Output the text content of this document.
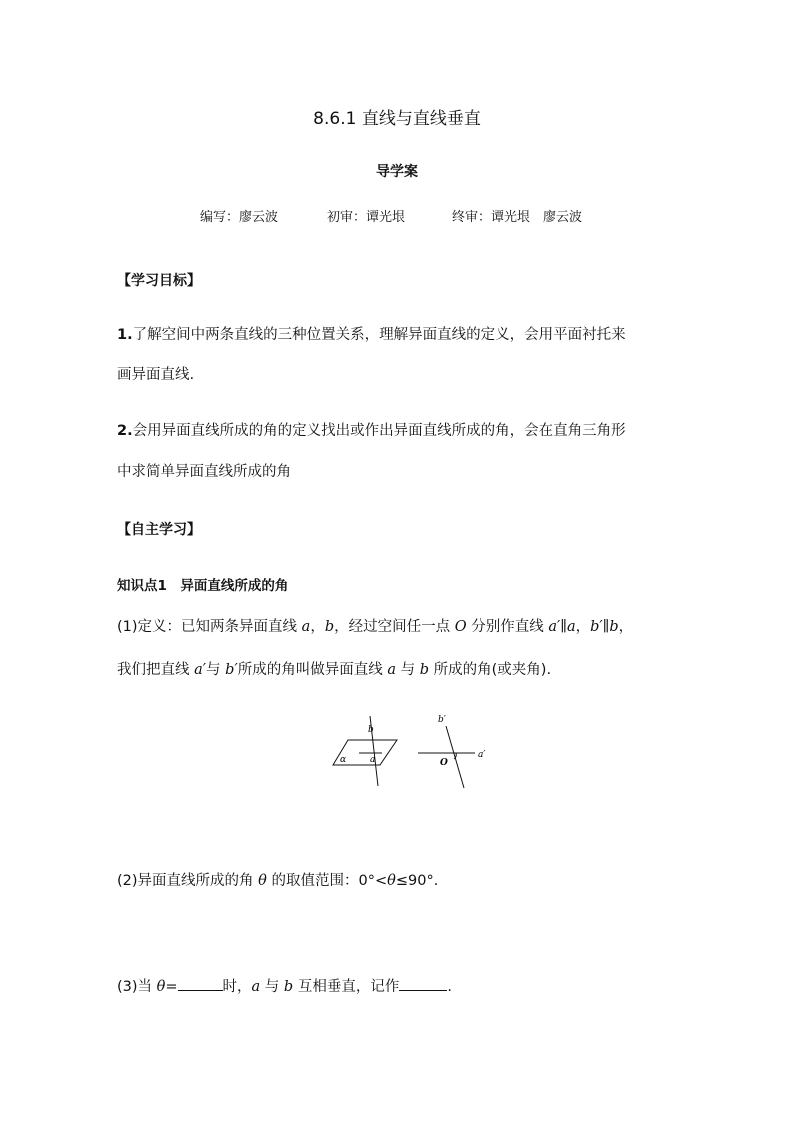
8.6.1 直线与直线垂直
导学案
编写：廖云波	初审：谭光垠	终审：谭光垠　廖云波
【学习目标】
1.了解空间中两条直线的三种位置关系，理解异面直线的定义，会用平面衬托来
画异面直线.
2.会用异面直线所成的角的定义找出或作出异面直线所成的角，会在直角三角形
中求简单异面直线所成的角
【自主学习】
知识点1　异面直线所成的角
(1)定义：已知两条异面直线 a，b，经过空间任一点 O 分别作直线 a′∥a，b′∥b，
我们把直线 a′与 b′所成的角叫做异面直线 a 与 b 所成的角(或夹角).
b
a
α
b′
a′
O
(2)异面直线所成的角 θ 的取值范围：0°<θ≤90°.
(3)当 θ=	时，a 与 b 互相垂直，记作	.
